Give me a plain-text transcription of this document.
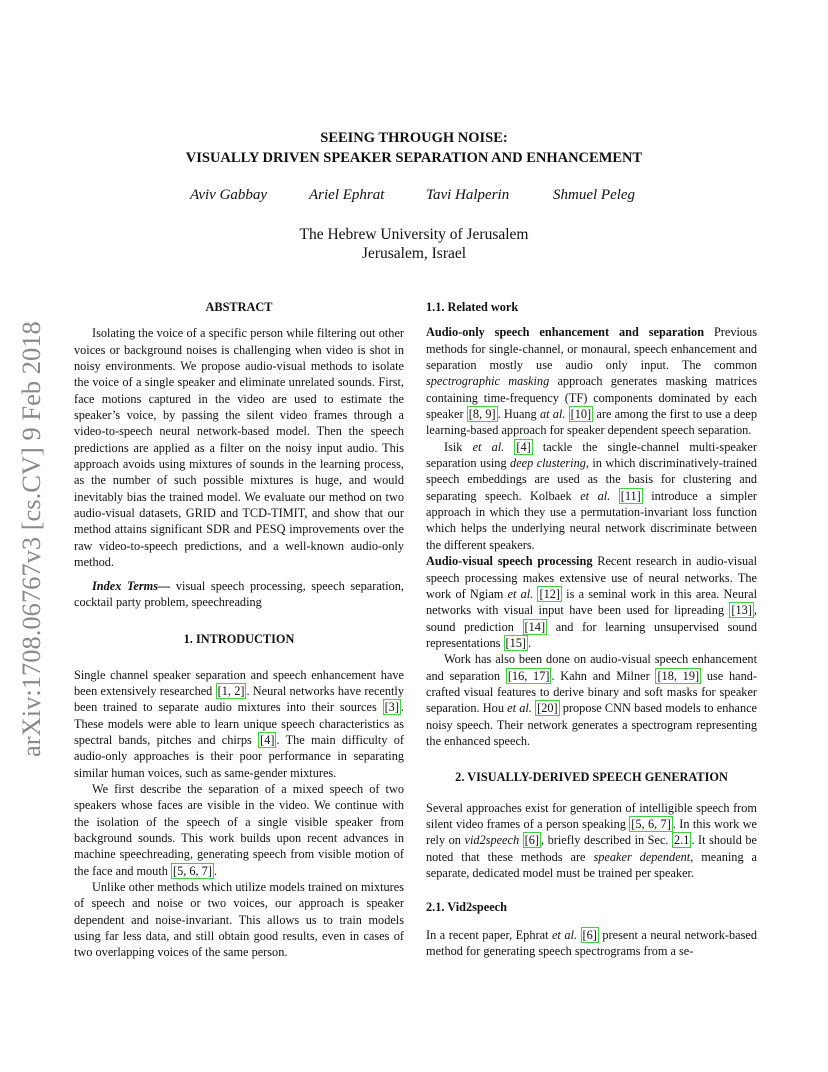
SEEING THROUGH NOISE:
VISUALLY DRIVEN SPEAKER SEPARATION AND ENHANCEMENT
Aviv Gabbay	Ariel Ephrat	Tavi Halperin	Shmuel Peleg
The Hebrew University of Jerusalem
Jerusalem, Israel
arXiv:1708.06767v3 [cs.CV] 9 Feb 2018

ABSTRACT

Isolating the voice of a specific person while filtering out other voices or background noises is challenging when video is shot in noisy environments. We propose audio-visual methods to isolate the voice of a single speaker and eliminate unrelated sounds. First, face motions captured in the video are used to estimate the speaker’s voice, by passing the silent video frames through a video-to-speech neural network-based model. Then the speech predictions are applied as a filter on the noisy input audio. This approach avoids using mixtures of sounds in the learning process, as the number of such possible mixtures is huge, and would inevitably bias the trained model. We evaluate our method on two audio-visual datasets, GRID and TCD-TIMIT, and show that our method attains significant SDR and PESQ improvements over the raw video-to-speech predictions, and a well-known audio-only method.

Index Terms— visual speech processing, speech separation, cocktail party problem, speechreading

1. INTRODUCTION

Single channel speaker separation and speech enhancement have been extensively researched [1, 2] . Neural networks have recently been trained to separate audio mixtures into their sources [3] . These models were able to learn unique speech characteristics as spectral bands, pitches and chirps [4] . The main difficulty of audio-only approaches is their poor performance in separating similar human voices, such as same-gender mixtures.

We first describe the separation of a mixed speech of two speakers whose faces are visible in the video. We continue with the isolation of the speech of a single visible speaker from background sounds. This work builds upon recent advances in machine speechreading, generating speech from visible motion of the face and mouth [5, 6, 7] .

Unlike other methods which utilize models trained on mixtures of speech and noise or two voices, our approach is speaker dependent and noise-invariant. This allows us to train models using far less data, and still obtain good results, even in cases of two overlapping voices of the same person.

1.1. Related work

Audio-only speech enhancement and separation Previous methods for single-channel, or monaural, speech enhancement and separation mostly use audio only input. The common spectrographic masking approach generates masking matrices containing time-frequency (TF) components dominated by each speaker [8, 9] . Huang at al. [10] are among the first to use a deep learning-based approach for speaker dependent speech separation.

Isik et al. [4] tackle the single-channel multi-speaker separation using deep clustering, in which discriminatively-trained speech embeddings are used as the basis for clustering and separating speech. Kolbaek et al. [11] introduce a simpler approach in which they use a permutation-invariant loss function which helps the underlying neural network discriminate between the different speakers.

Audio-visual speech processing Recent research in audio-visual speech processing makes extensive use of neural networks. The work of Ngiam et al. [12] is a seminal work in this area. Neural networks with visual input have been used for lipreading [13] , sound prediction [14] and for learning unsupervised sound representations [15] .

Work has also been done on audio-visual speech enhancement and separation [16, 17] . Kahn and Milner [18, 19] use hand-crafted visual features to derive binary and soft masks for speaker separation. Hou et al. [20] propose CNN based models to enhance noisy speech. Their network generates a spectrogram representing the enhanced speech.

2. VISUALLY-DERIVED SPEECH GENERATION

Several approaches exist for generation of intelligible speech from silent video frames of a person speaking [5, 6, 7] . In this work we rely on vid2speech [6] , briefly described in Sec. 2.1 . It should be noted that these methods are speaker dependent, meaning a separate, dedicated model must be trained per speaker.

2.1. Vid2speech

In a recent paper, Ephrat et al. [6] present a neural network-based method for generating speech spectrograms from a se-
